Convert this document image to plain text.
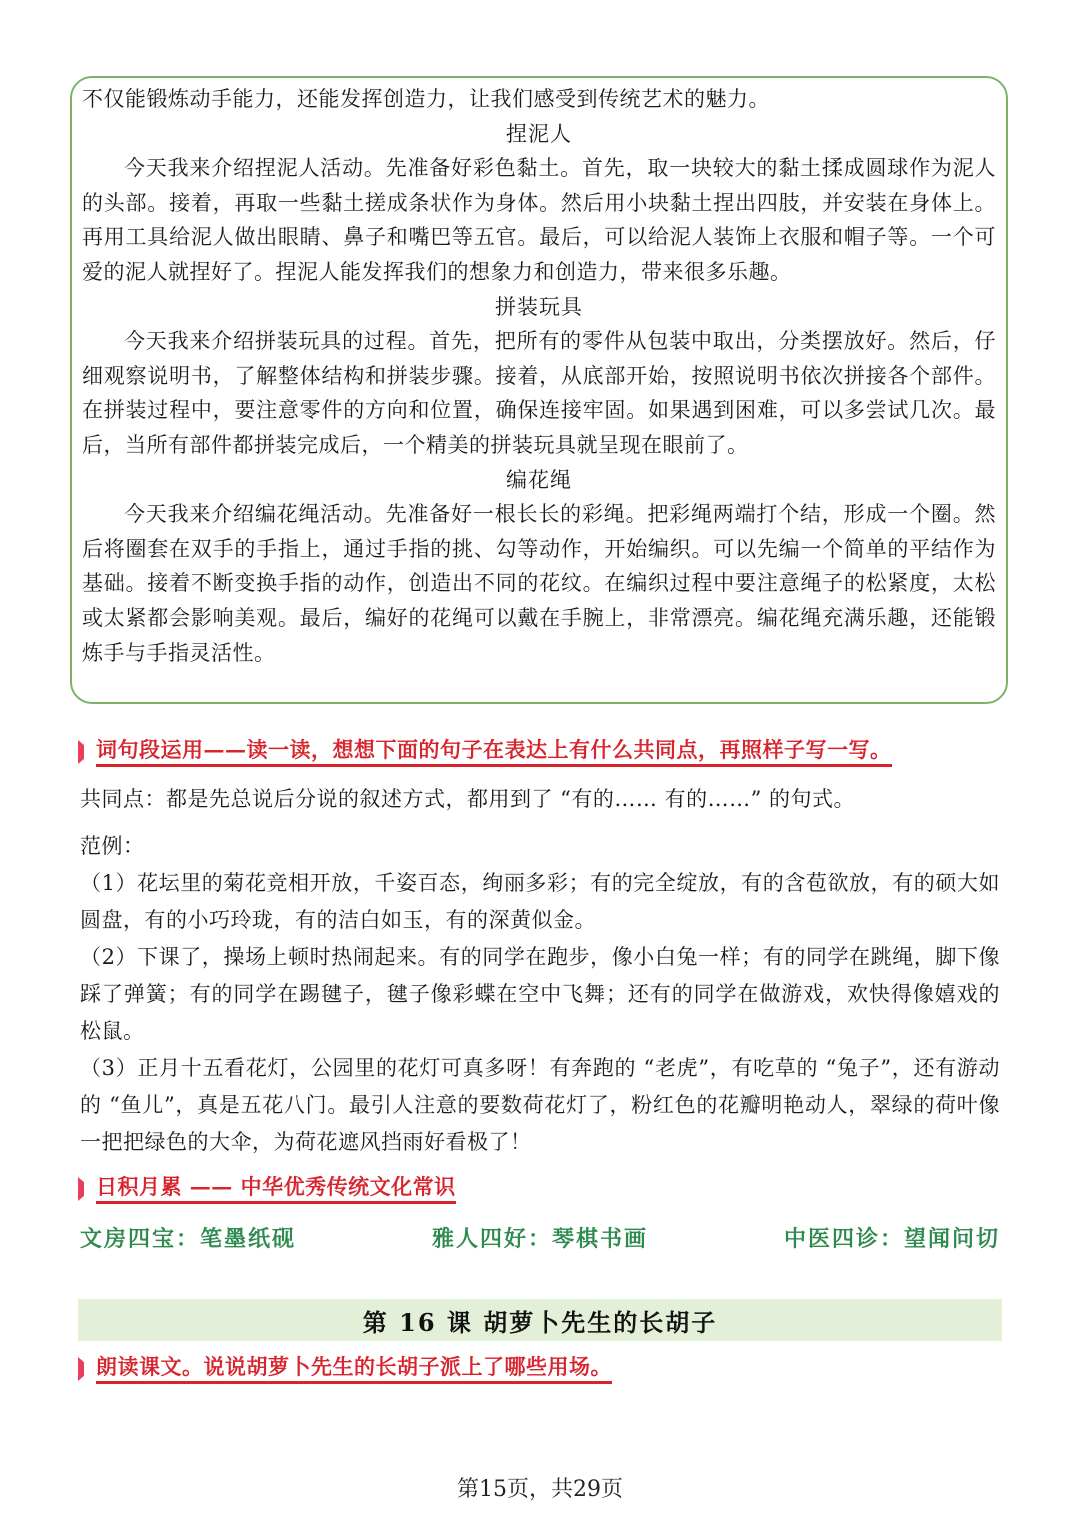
不仅能锻炼动手能力，还能发挥创造力，让我们感受到传统艺术的魅力。

捏泥人

今天我来介绍捏泥人活动。先准备好彩色黏土。首先，取一块较大的黏土揉成圆球作为泥人的头部。接着，再取一些黏土搓成条状作为身体。然后用小块黏土捏出四肢，并安装在身体上。再用工具给泥人做出眼睛、鼻子和嘴巴等五官。最后，可以给泥人装饰上衣服和帽子等。一个可爱的泥人就捏好了。捏泥人能发挥我们的想象力和创造力，带来很多乐趣。

拼装玩具

今天我来介绍拼装玩具的过程。首先，把所有的零件从包装中取出，分类摆放好。然后，仔细观察说明书，了解整体结构和拼装步骤。接着，从底部开始，按照说明书依次拼接各个部件。在拼装过程中，要注意零件的方向和位置，确保连接牢固。如果遇到困难，可以多尝试几次。最后，当所有部件都拼装完成后，一个精美的拼装玩具就呈现在眼前了。

编花绳

今天我来介绍编花绳活动。先准备好一根长长的彩绳。把彩绳两端打个结，形成一个圈。然后将圈套在双手的手指上，通过手指的挑、勾等动作，开始编织。可以先编一个简单的平结作为基础。接着不断变换手指的动作，创造出不同的花纹。在编织过程中要注意绳子的松紧度，太松或太紧都会影响美观。最后，编好的花绳可以戴在手腕上，非常漂亮。编花绳充满乐趣，还能锻炼手与手指灵活性。

词句段运用——读一读，想想下面的句子在表达上有什么共同点，再照样子写一写。

共同点：都是先总说后分说的叙述方式，都用到了 “有的…… 有的……” 的句式。

范例：

（1）花坛里的菊花竞相开放，千姿百态，绚丽多彩；有的完全绽放，有的含苞欲放，有的硕大如圆盘，有的小巧玲珑，有的洁白如玉，有的深黄似金。

（2）下课了，操场上顿时热闹起来。有的同学在跑步，像小白兔一样；有的同学在跳绳，脚下像踩了弹簧；有的同学在踢毽子，毽子像彩蝶在空中飞舞；还有的同学在做游戏，欢快得像嬉戏的松鼠。

（3）正月十五看花灯，公园里的花灯可真多呀！有奔跑的 “老虎”，有吃草的 “兔子”，还有游动的 “鱼儿”，真是五花八门。最引人注意的要数荷花灯了，粉红色的花瓣明艳动人，翠绿的荷叶像一把把绿色的大伞，为荷花遮风挡雨好看极了！

日积月累 —— 中华优秀传统文化常识
文房四宝：笔墨纸砚	雅人四好：琴棋书画	中医四诊：望闻问切
第 16 课 胡萝卜先生的长胡子
朗读课文。说说胡萝卜先生的长胡子派上了哪些用场。
第15页，共29页
